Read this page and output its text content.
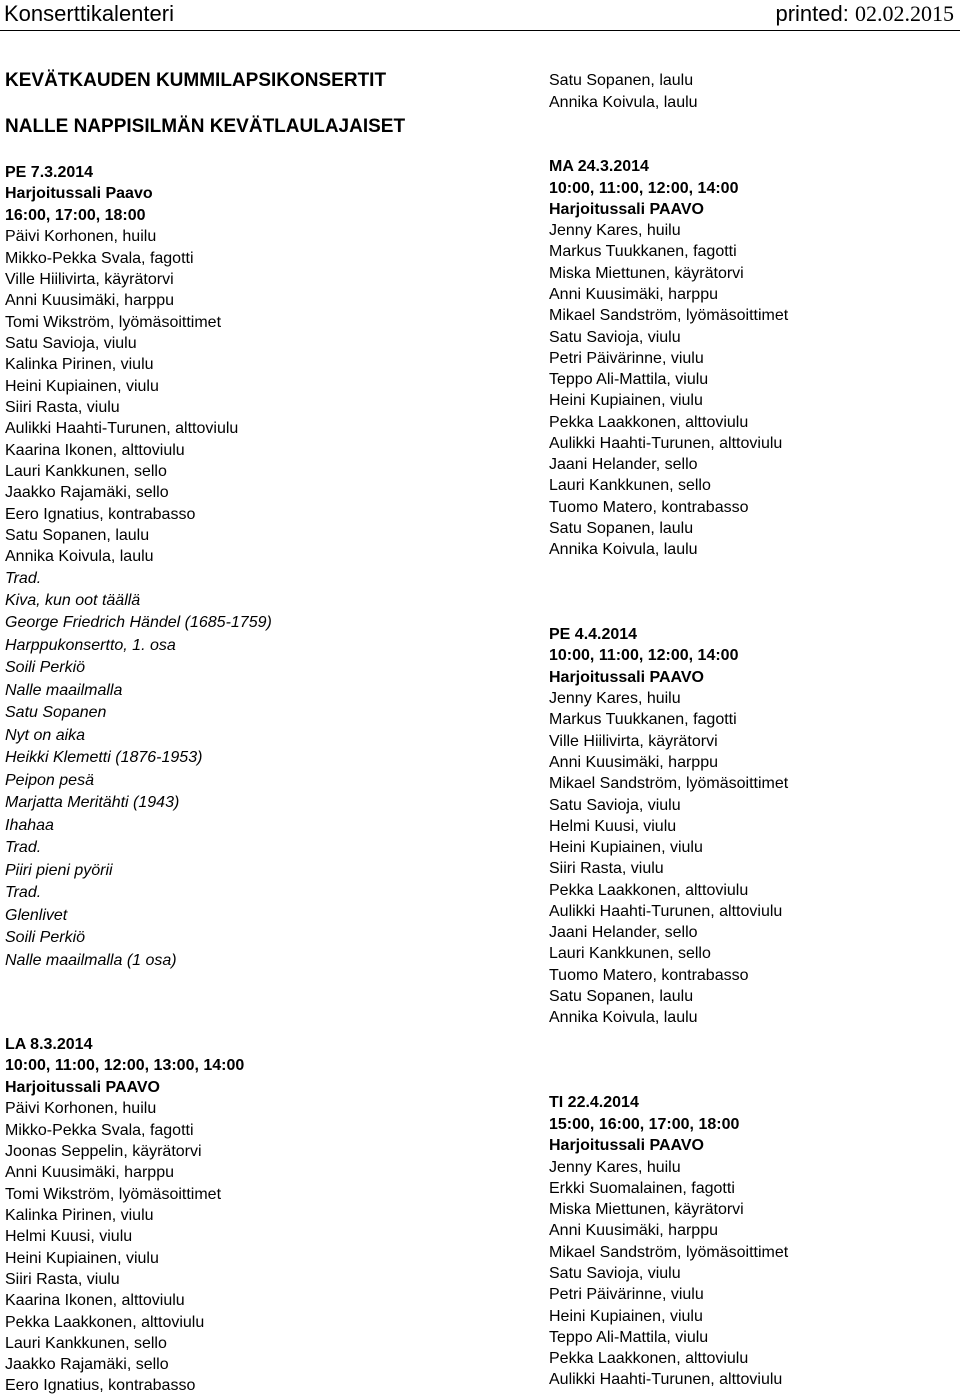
Konserttikalenteri	printed: 02.02.2015
KEVÄTKAUDEN KUMMILAPSIKONSERTIT
NALLE NAPPISILMÄN KEVÄTLAULAJAISET
PE 7.3.2014
Harjoitussali Paavo
16:00, 17:00, 18:00
Päivi Korhonen, huilu
Mikko-Pekka Svala, fagotti
Ville Hiilivirta, käyrätorvi
Anni Kuusimäki, harppu
Tomi Wikström, lyömäsoittimet
Satu Savioja, viulu
Kalinka Pirinen, viulu
Heini Kupiainen, viulu
Siiri Rasta, viulu
Aulikki Haahti-Turunen, alttoviulu
Kaarina Ikonen, alttoviulu
Lauri Kankkunen, sello
Jaakko Rajamäki, sello
Eero Ignatius, kontrabasso
Satu Sopanen, laulu
Annika Koivula, laulu
Trad.
Kiva, kun oot täällä
George Friedrich Händel (1685-1759)
Harppukonsertto, 1. osa
Soili Perkiö
Nalle maailmalla
Satu Sopanen
Nyt on aika
Heikki Klemetti (1876-1953)
Peipon pesä
Marjatta Meritähti (1943)
Ihahaa
Trad.
Piiri pieni pyörii
Trad.
Glenlivet
Soili Perkiö
Nalle maailmalla (1 osa)
LA 8.3.2014
10:00, 11:00, 12:00, 13:00, 14:00
Harjoitussali PAAVO
Päivi Korhonen, huilu
Mikko-Pekka Svala, fagotti
Joonas Seppelin, käyrätorvi
Anni Kuusimäki, harppu
Tomi Wikström, lyömäsoittimet
Kalinka Pirinen, viulu
Helmi Kuusi, viulu
Heini Kupiainen, viulu
Siiri Rasta, viulu
Kaarina Ikonen, alttoviulu
Pekka Laakkonen, alttoviulu
Lauri Kankkunen, sello
Jaakko Rajamäki, sello
Eero Ignatius, kontrabasso
Satu Sopanen, laulu
Annika Koivula, laulu
MA 24.3.2014
10:00, 11:00, 12:00, 14:00
Harjoitussali PAAVO
Jenny Kares, huilu
Markus Tuukkanen, fagotti
Miska Miettunen, käyrätorvi
Anni Kuusimäki, harppu
Mikael Sandström, lyömäsoittimet
Satu Savioja, viulu
Petri Päivärinne, viulu
Teppo Ali-Mattila, viulu
Heini Kupiainen, viulu
Pekka Laakkonen, alttoviulu
Aulikki Haahti-Turunen, alttoviulu
Jaani Helander, sello
Lauri Kankkunen, sello
Tuomo Matero, kontrabasso
Satu Sopanen, laulu
Annika Koivula, laulu
PE 4.4.2014
10:00, 11:00, 12:00, 14:00
Harjoitussali PAAVO
Jenny Kares, huilu
Markus Tuukkanen, fagotti
Ville Hiilivirta, käyrätorvi
Anni Kuusimäki, harppu
Mikael Sandström, lyömäsoittimet
Satu Savioja, viulu
Helmi Kuusi, viulu
Heini Kupiainen, viulu
Siiri Rasta, viulu
Pekka Laakkonen, alttoviulu
Aulikki Haahti-Turunen, alttoviulu
Jaani Helander, sello
Lauri Kankkunen, sello
Tuomo Matero, kontrabasso
Satu Sopanen, laulu
Annika Koivula, laulu
TI 22.4.2014
15:00, 16:00, 17:00, 18:00
Harjoitussali PAAVO
Jenny Kares, huilu
Erkki Suomalainen, fagotti
Miska Miettunen, käyrätorvi
Anni Kuusimäki, harppu
Mikael Sandström, lyömäsoittimet
Satu Savioja, viulu
Petri Päivärinne, viulu
Heini Kupiainen, viulu
Teppo Ali-Mattila, viulu
Pekka Laakkonen, alttoviulu
Aulikki Haahti-Turunen, alttoviulu
